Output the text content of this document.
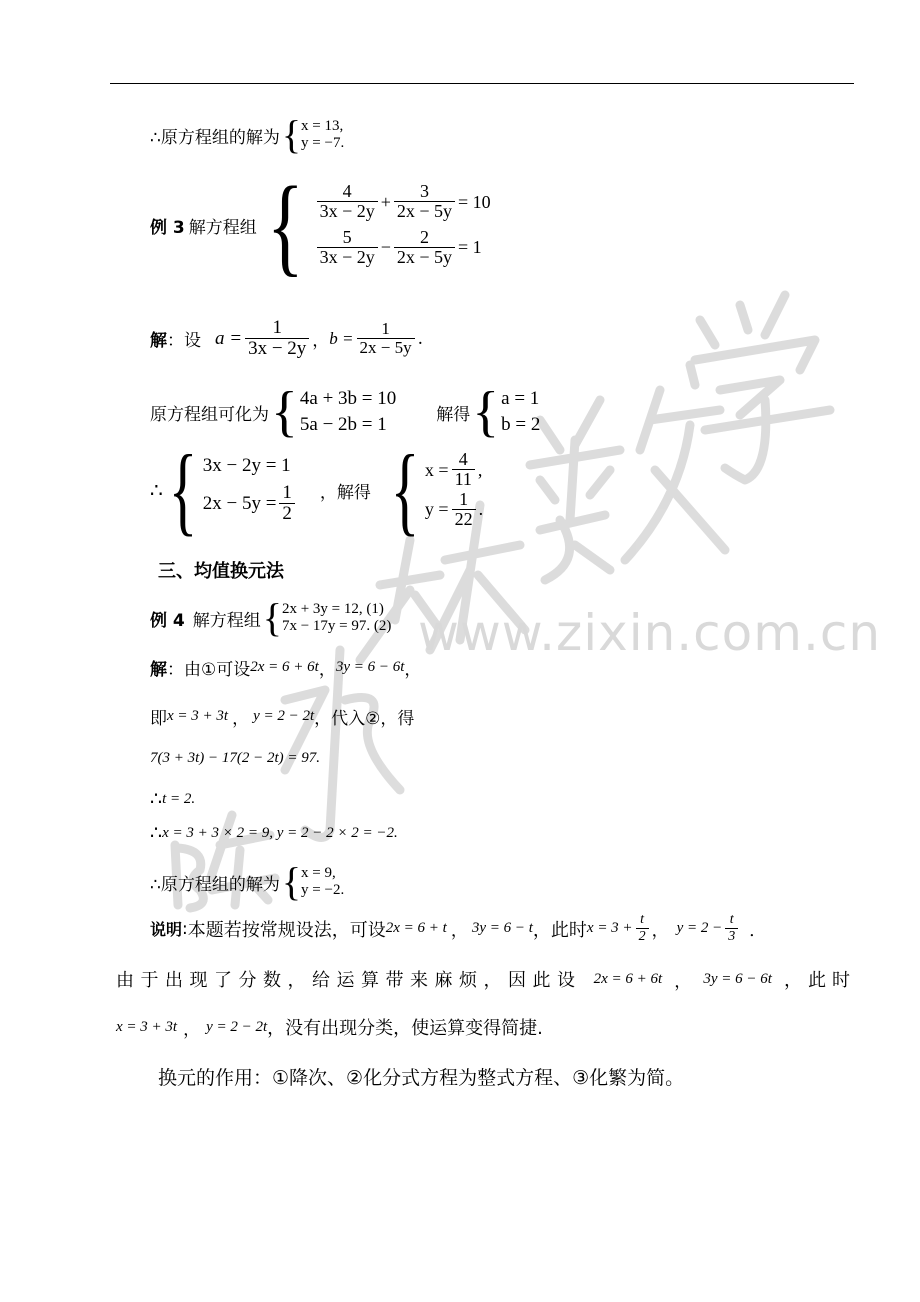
www.zixin.com.cn
∴原方程组的解为 { x = 13,
y = −7.
例 3 解方程组 { $\frac{4}{3x - 2y} + \frac{3}{2x - 5y} = 10$
$\frac{5}{3x - 2y} - \frac{2}{2x - 5y} = 1$
解 ：设 $a = \frac{1}{3x - 2y}$ ， $b = \frac{1}{2x - 5y}$ .
原方程组可化为 { 4a + 3b = 10
5a − 2b = 1	解得 { a = 1
b = 2
∴ { 3x − 2y = 1
$2x - 5y = \frac{1}{2}$ ，解得 { $x = \frac{4}{11}$ ,
$y = \frac{1}{22}$ .
三、均值换元法
例 4 解方程组 { 2x + 3y = 12, (1)
7x − 17y = 97. (2)
解 ：由①可设 2x = 6 + 6t ， 3y = 6 − 6t ，
即 x = 3 + 3t ， y = 2 − 2t ，代入②，得
7(3 + 3t) − 17(2 − 2t) = 97.
∴ t = 2 .
∴ x = 3 + 3 × 2 = 9, y = 2 − 2 × 2 = −2.
∴原方程组的解为 { x = 9,
y = −2.
说明 : 本题若按常规设法，可设 2x = 6 + t ， 3y = 6 − t ，此时 $x = 3 + \frac{t}{2}$ ， $y = 2 - \frac{t}{3}$ ．
由于出现了分数，给运算带来麻烦，因此设 2x = 6 + 6t ， 3y = 6 − 6t ，此时
x = 3 + 3t ， y = 2 − 2t ，没有出现分类，使运算变得简捷.
换元的作用：①降次、②化分式方程为整式方程、③化繁为简。
